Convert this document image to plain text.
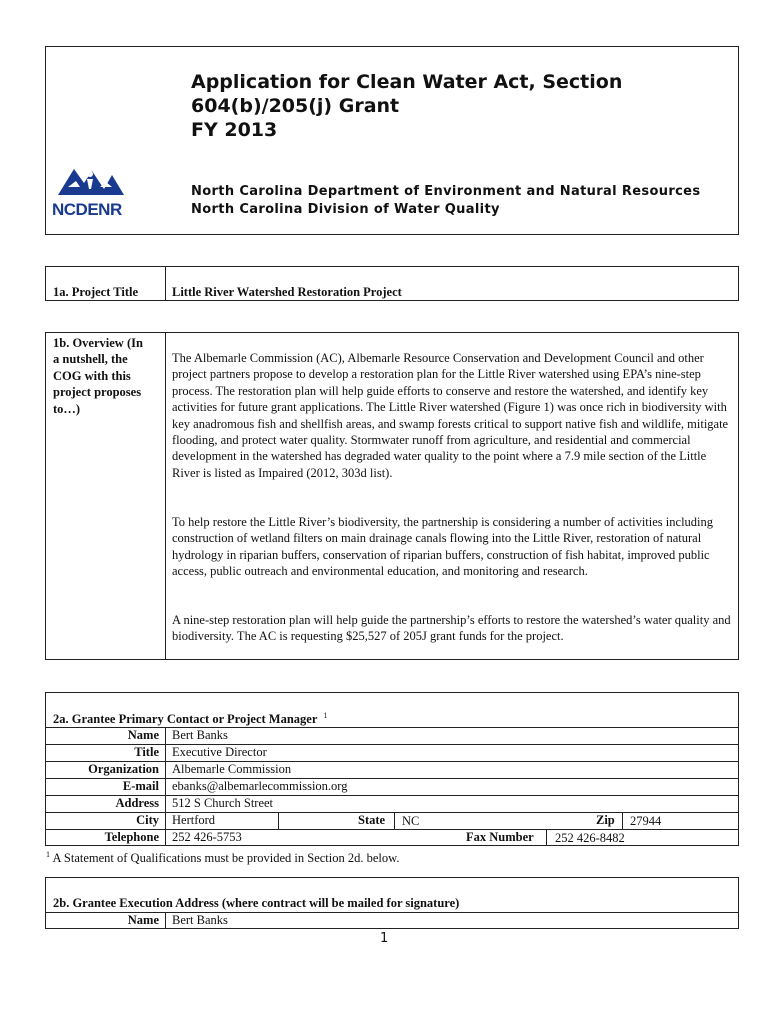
NCDENR
Application for Clean Water Act, Section
604(b)/205(j) Grant
FY 2013
North Carolina Department of Environment and Natural Resources
North Carolina Division of Water Quality
1a. Project Title	Little River Watershed Restoration Project
1b. Overview (In
a nutshell, the
COG with this
project proposes
to…)
The Albemarle Commission (AC), Albemarle Resource Conservation and Development Council and other project partners propose to develop a restoration plan for the Little River watershed using EPA’s nine-step process. The restoration plan will help guide efforts to conserve and restore the watershed, and identify key activities for future grant applications. The Little River watershed (Figure 1) was once rich in biodiversity with key anadromous fish and shellfish areas, and swamp forests critical to support native fish and wildlife, mitigate flooding, and protect water quality. Stormwater runoff from agriculture, and residential and commercial development in the watershed has degraded water quality to the point where a 7.9 mile section of the Little River is listed as Impaired (2012, 303d list).
To help restore the Little River’s biodiversity, the partnership is considering a number of activities including construction of wetland filters on main drainage canals flowing into the Little River, restoration of natural hydrology in riparian buffers, conservation of riparian buffers, construction of fish habitat, improved public access, public outreach and environmental education, and monitoring and research.
A nine-step restoration plan will help guide the partnership’s efforts to restore the watershed’s water quality and biodiversity. The AC is requesting $25,527 of 205J grant funds for the project.
2a. Grantee Primary Contact or Project Manager $^1$
Name Bert Banks
Title Executive Director
Organization Albemarle Commission
E-mail ebanks@albemarlecommission.org
Address 512 S Church Street
City Hertford	State NC	Zip 27944
Telephone 252 426-5753	Fax Number 252 426-8482
$^1$ A Statement of Qualifications must be provided in Section 2d. below.
2b. Grantee Execution Address (where contract will be mailed for signature)
Name Bert Banks
1
